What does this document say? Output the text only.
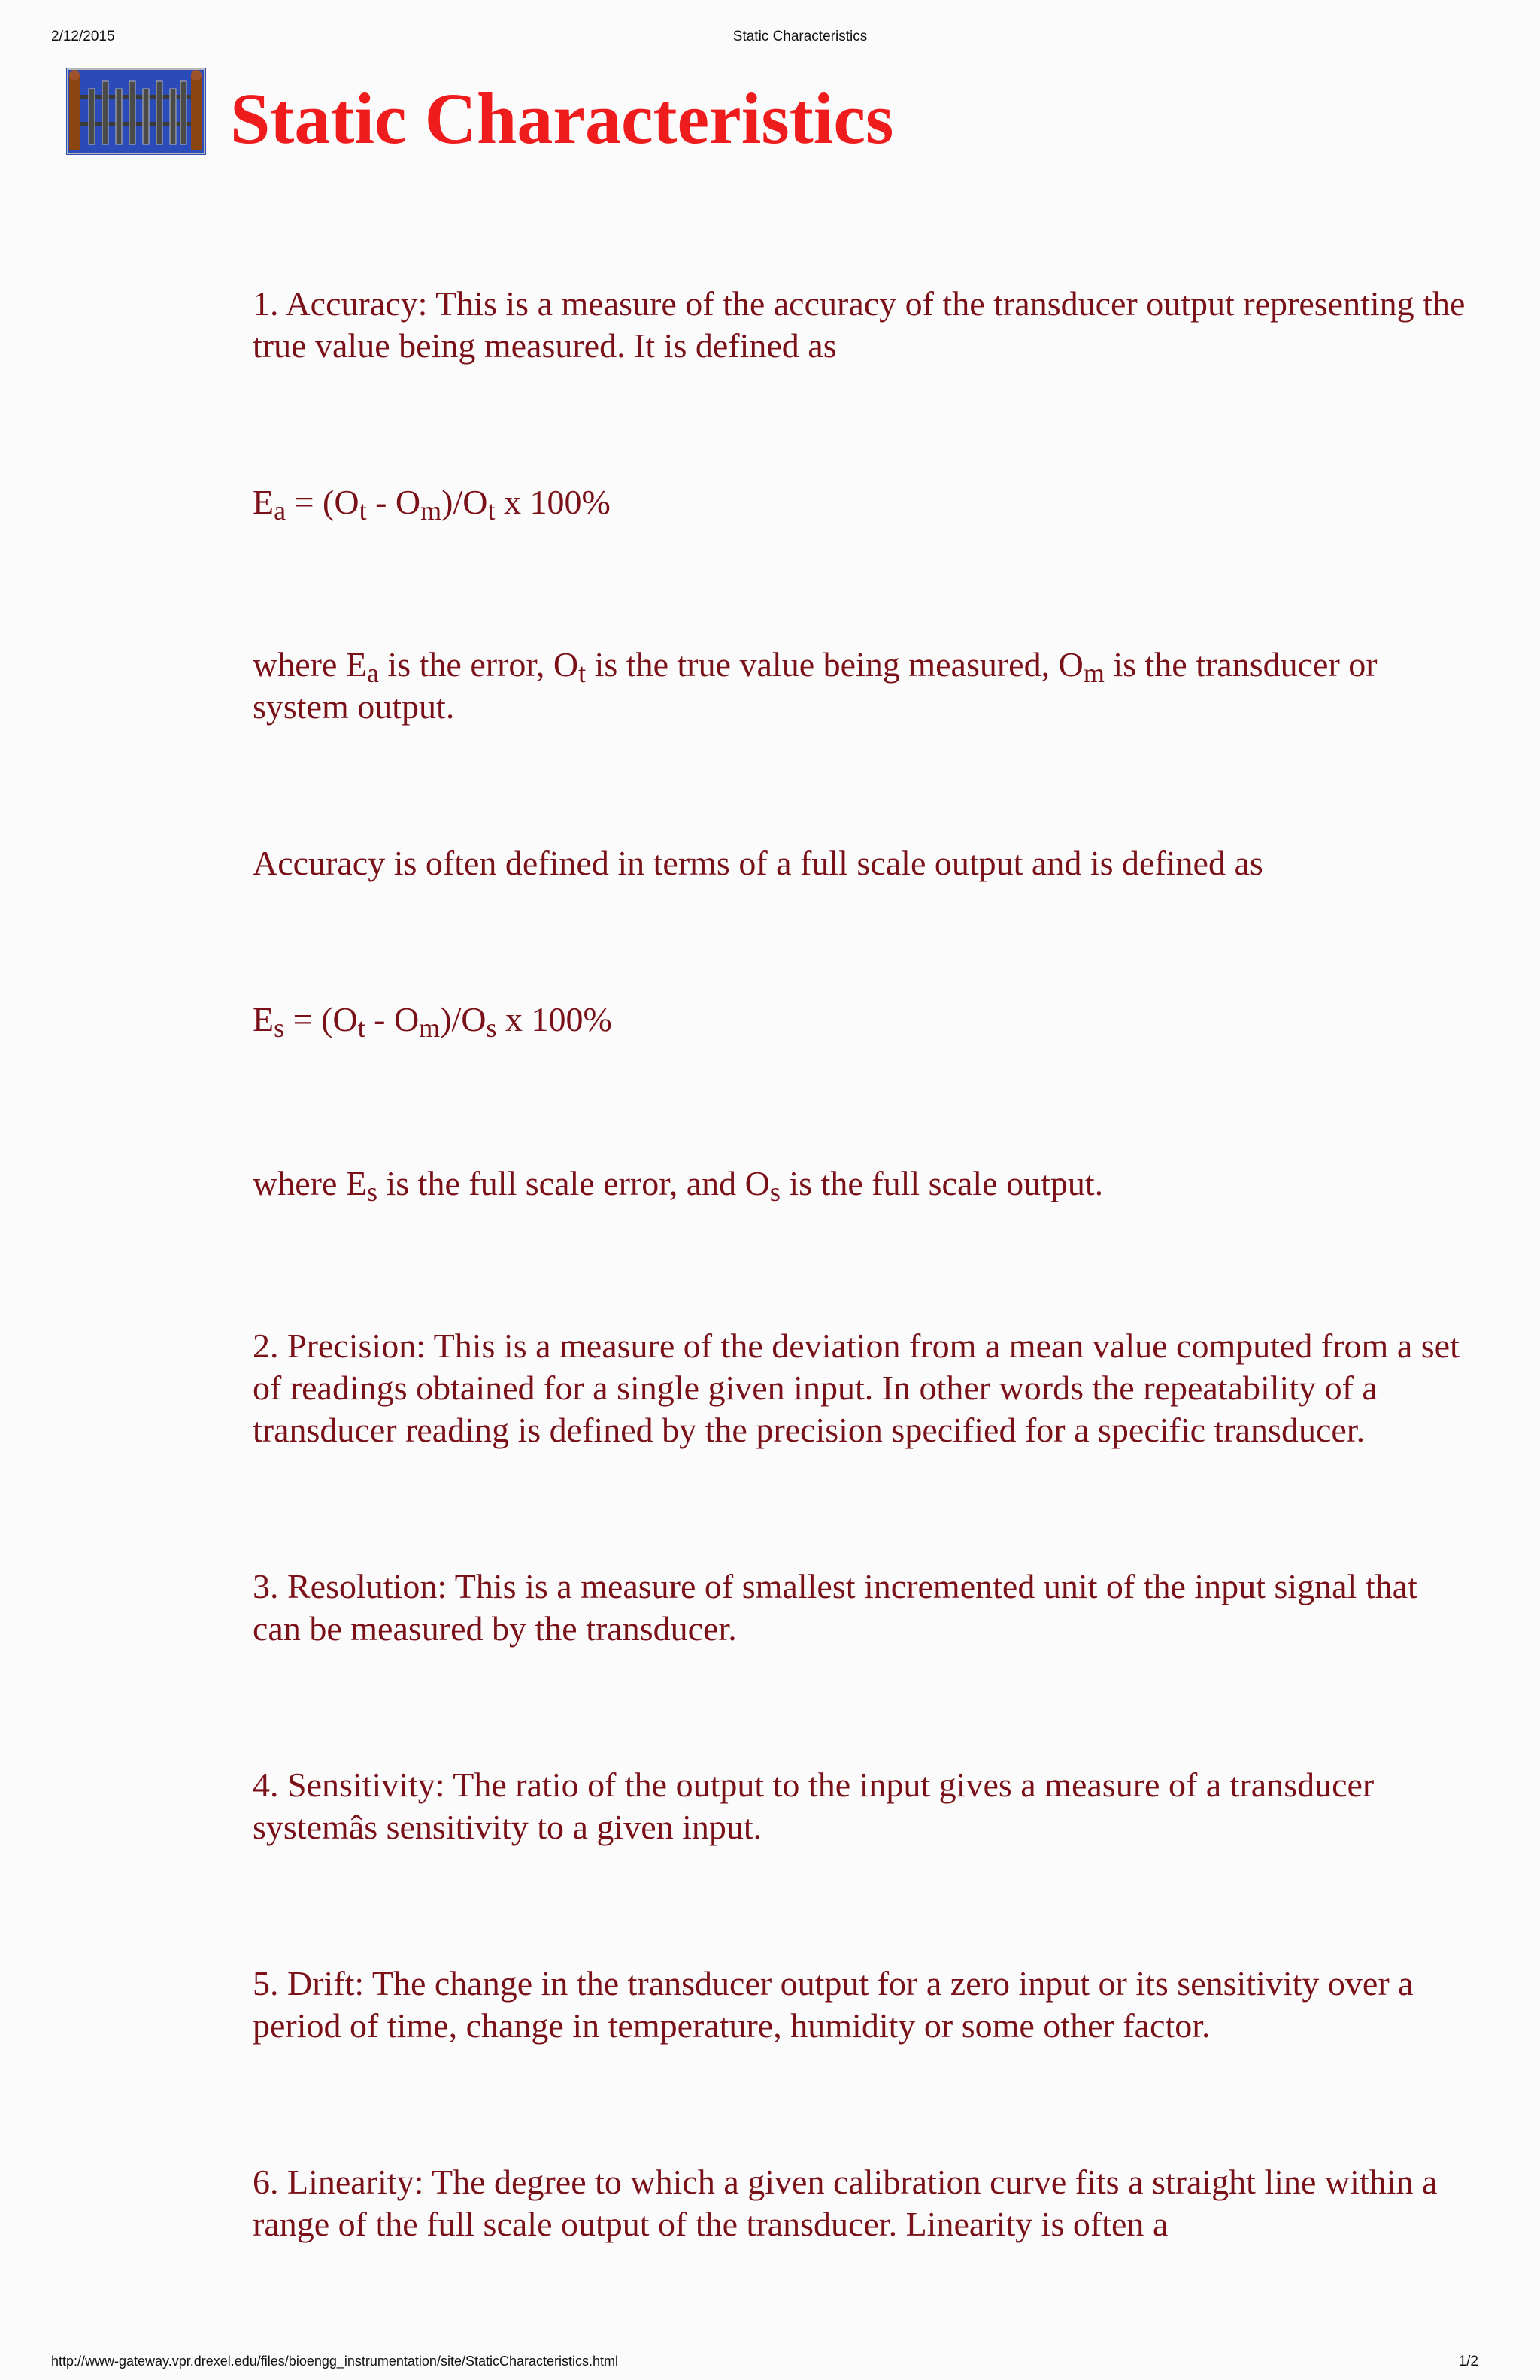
2/12/2015	Static Characteristics
Static Characteristics

1. Accuracy: This is a measure of the accuracy of the transducer output representing the true value being measured. It is defined as

$E_a = (O_t - O_m)/O_t$ x 100%

where $E_a$ is the error, $O_t$ is the true value being measured, $O_m$ is the transducer or system output.

Accuracy is often defined in terms of a full scale output and is defined as

$E_s = (O_t - O_m)/O_s$ x 100%

where $E_s$ is the full scale error, and $O_s$ is the full scale output.

2. Precision: This is a measure of the deviation from a mean value computed from a set of readings obtained for a single given input. In other words the repeatability of a transducer reading is defined by the precision specified for a specific transducer.

3. Resolution: This is a measure of smallest incremented unit of the input signal that can be measured by the transducer.

4. Sensitivity: The ratio of the output to the input gives a measure of a transducer systemâs sensitivity to a given input.

5. Drift: The change in the transducer output for a zero input or its sensitivity over a period of time, change in temperature, humidity or some other factor.

6. Linearity: The degree to which a given calibration curve fits a straight line within a range of the full scale output of the transducer. Linearity is often a

http://www-gateway.vpr.drexel.edu/files/bioengg_instrumentation/site/StaticCharacteristics.html	1/2
